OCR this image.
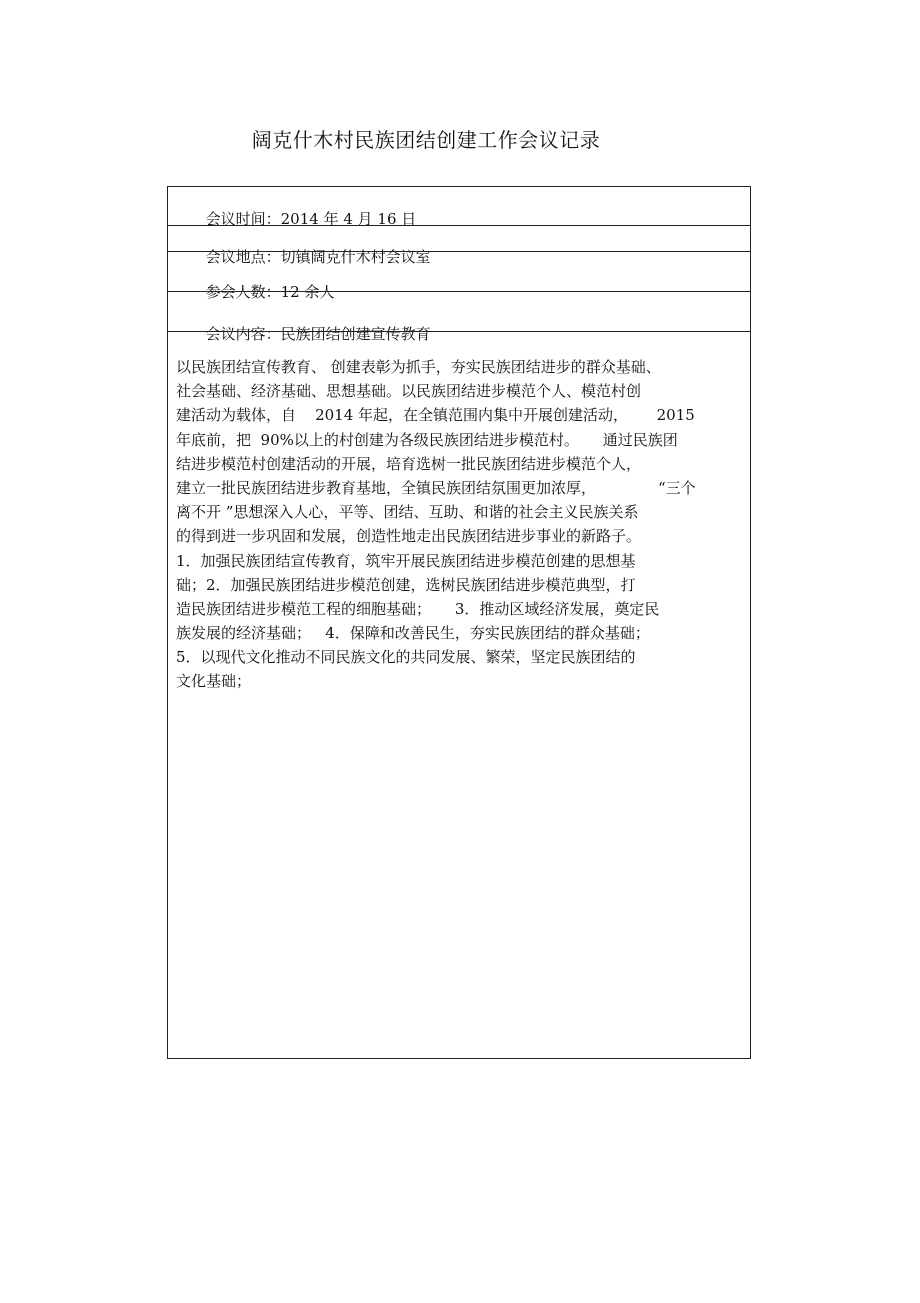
阔克什木村民族团结创建工作会议记录

会议时间：2014 年 4 月 16 日

会议地点：切镇阔克什木村会议室

参会人数：12 余人

会议内容：民族团结创建宣传教育

以民族团结宣传教育、 创建表彰为抓手，夯实民族团结进步的群众基础、
社会基础、经济基础、思想基础。以民族团结进步模范个人、模范村创
建活动为载体，自    2014 年起，在全镇范围内集中开展创建活动，      2015
年底前，把  90%以上的村创建为各级民族团结进步模范村。     通过民族团
结进步模范村创建活动的开展，培育选树一批民族团结进步模范个人，
建立一批民族团结进步教育基地，全镇民族团结氛围更加浓厚，             “三个
离不开 ”思想深入人心，平等、团结、互助、和谐的社会主义民族关系
的得到进一步巩固和发展，创造性地走出民族团结进步事业的新路子。
1．加强民族团结宣传教育，筑牢开展民族团结进步模范创建的思想基
础；2．加强民族团结进步模范创建，选树民族团结进步模范典型，打
造民族团结进步模范工程的细胞基础；     3．推动区域经济发展，奠定民
族发展的经济基础；   4．保障和改善民生，夯实民族团结的群众基础；
5．以现代文化推动不同民族文化的共同发展、繁荣，坚定民族团结的
文化基础；
